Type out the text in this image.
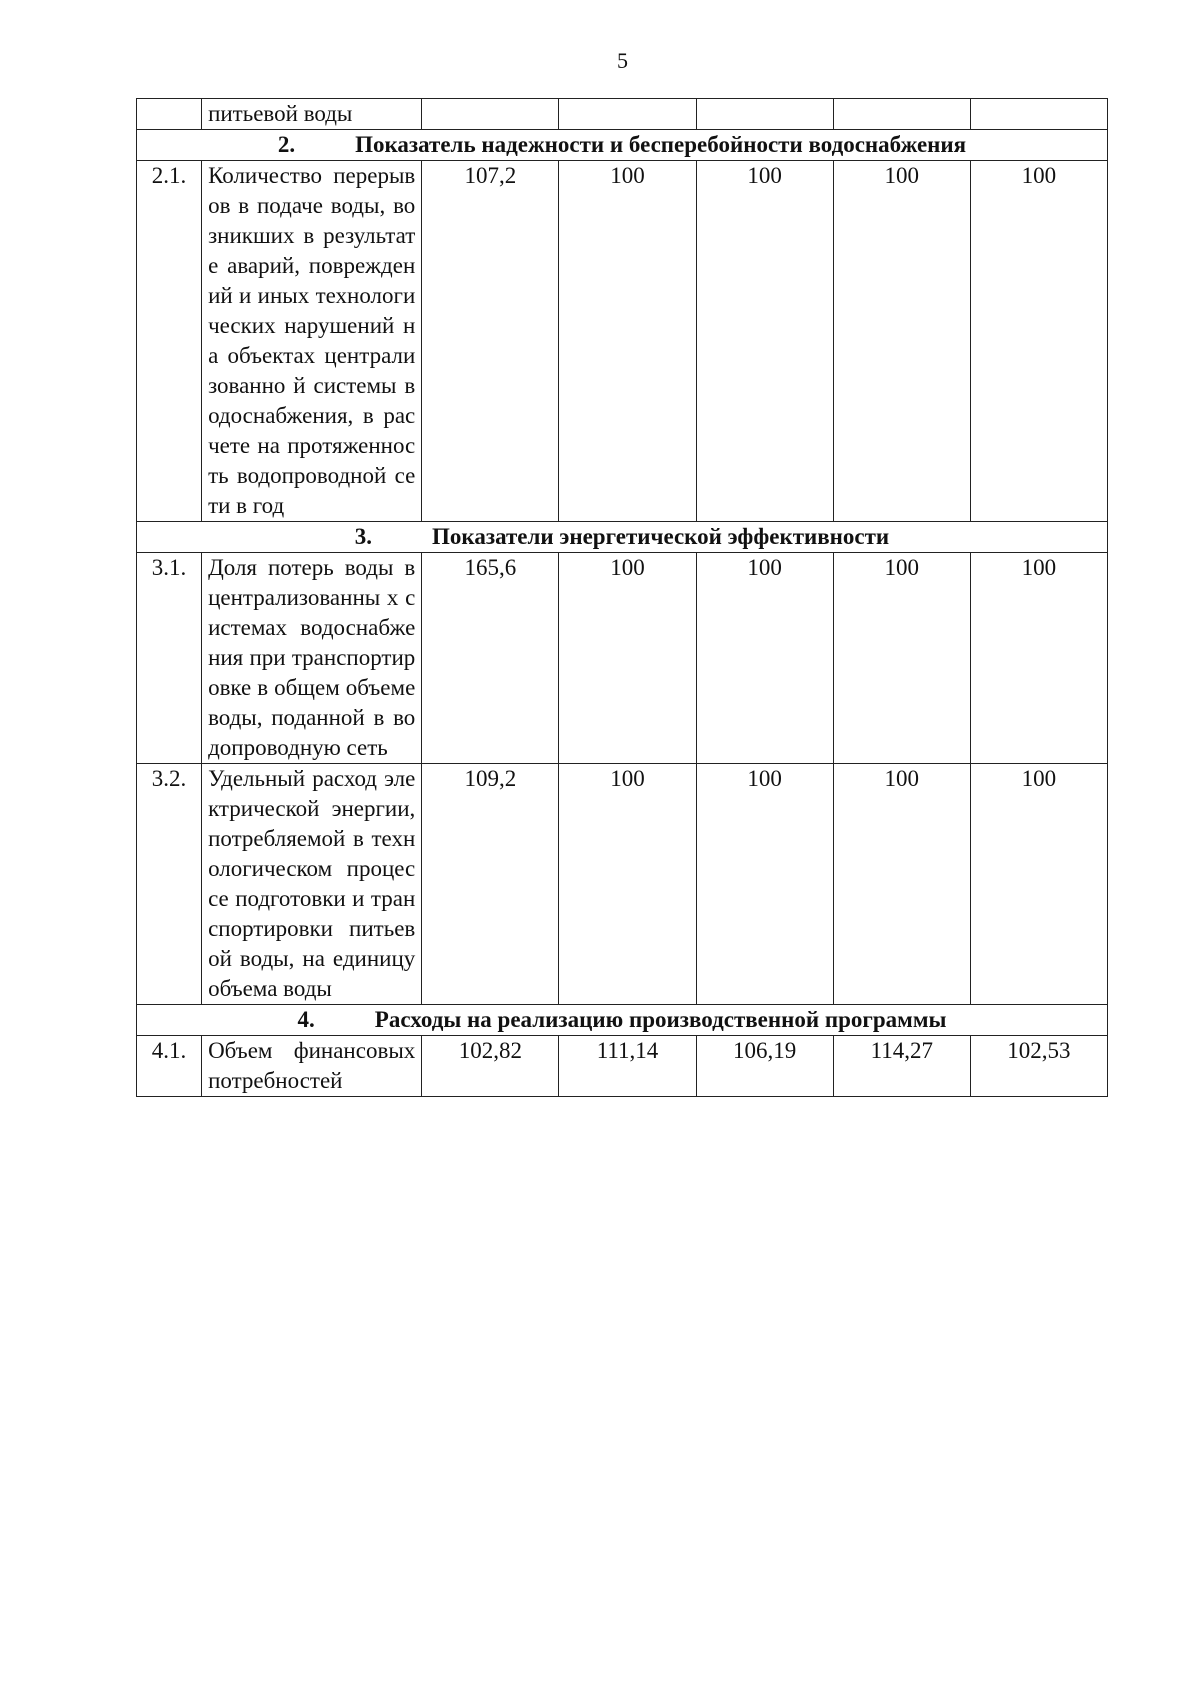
5
	питьевой воды					
2. Показатель надежности и бесперебойности водоснабжения						
2.1.	Количество перерывов в подаче воды, возникших в результате аварий, повреждений и иных технологических нарушений на объектах централизованно й системы водоснабжения, в расчете на протяженность водопроводной сети в год	107,2	100	100	100	100
3. Показатели энергетической эффективности						
3.1.	Доля потерь воды в централизованны х системах водоснабжения при транспортировке в общем объеме воды, поданной в водопроводную сеть	165,6	100	100	100	100
3.2.	Удельный расход электрической энергии, потребляемой в технологическом процессе подготовки и транспортировки питьевой воды, на единицу объема воды	109,2	100	100	100	100
4. Расходы на реализацию производственной программы						
4.1.	Объем финансовых потребностей	102,82	111,14	106,19	114,27	102,53
